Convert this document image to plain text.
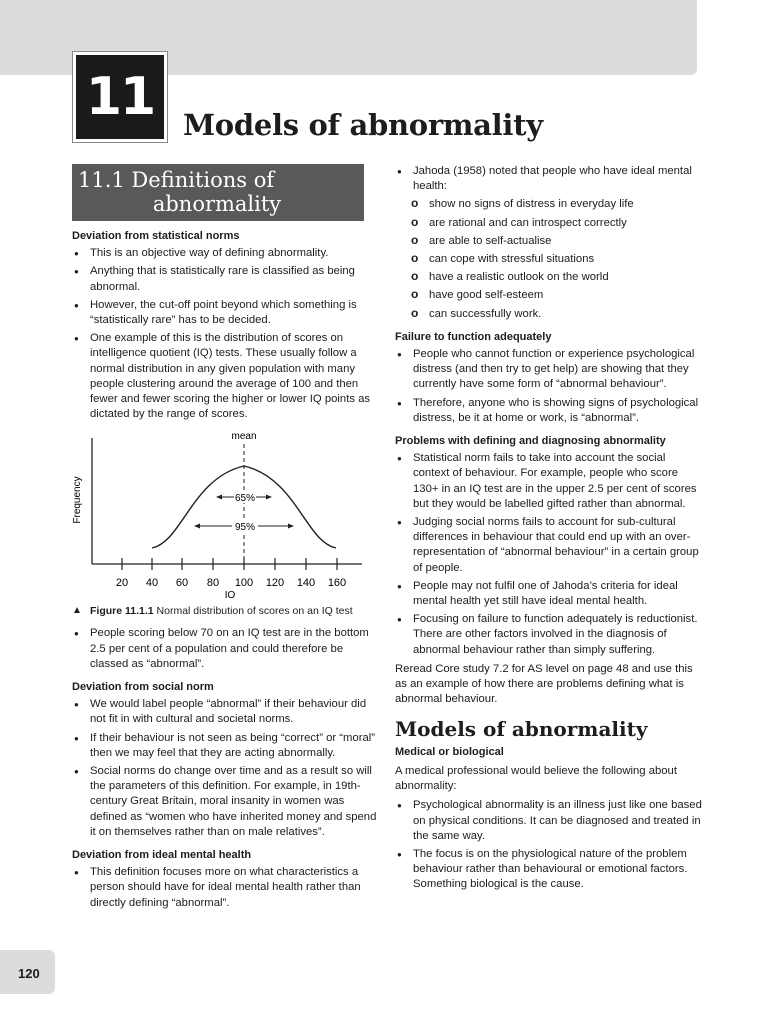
11 Models of abnormality
11.1 Definitions of
abnormality
Deviation from statistical norms
● This is an objective way of defining abnormality.
● Anything that is statistically rare is classified as being abnormal.
● However, the cut-off point beyond which something is “statistically rare” has to be decided.
● One example of this is the distribution of scores on intelligence quotient (IQ) tests. These usually follow a normal distribution in any given population with many people clustering around the average of 100 and then fewer and fewer scoring the higher or lower IQ points as dictated by the range of scores.
20 40 60 80 100 120 140 160
IQ
Frequency
mean
65%
95%
▲ Figure 11.1.1 Normal distribution of scores on an IQ test
● People scoring below 70 on an IQ test are in the bottom 2.5 per cent of a population and could therefore be classed as “abnormal”.
Deviation from social norm
● We would label people “abnormal” if their behaviour did not fit in with cultural and societal norms.
● If their behaviour is not seen as being “correct” or “moral” then we may feel that they are acting abnormally.
● Social norms do change over time and as a result so will the parameters of this definition. For example, in 19th-century Great Britain, moral insanity in women was defined as “women who have inherited money and spend it on themselves rather than on male relatives”.
Deviation from ideal mental health
● This definition focuses more on what characteristics a person should have for ideal mental health rather than directly defining “abnormal”.
● Jahoda (1958) noted that people who have ideal mental health:
o show no signs of distress in everyday life
o are rational and can introspect correctly
o are able to self-actualise
o can cope with stressful situations
o have a realistic outlook on the world
o have good self-esteem
o can successfully work.
Failure to function adequately
● People who cannot function or experience psychological distress (and then try to get help) are showing that they currently have some form of “abnormal behaviour”.
● Therefore, anyone who is showing signs of psychological distress, be it at home or work, is “abnormal”.
Problems with defining and diagnosing abnormality
● Statistical norm fails to take into account the social context of behaviour. For example, people who score 130+ in an IQ test are in the upper 2.5 per cent of scores but they would be labelled gifted rather than abnormal.
● Judging social norms fails to account for sub-cultural differences in behaviour that could end up with an over-representation of “abnormal behaviour” in a certain group of people.
● People may not fulfil one of Jahoda’s criteria for ideal mental health yet still have ideal mental health.
● Focusing on failure to function adequately is reductionist. There are other factors involved in the diagnosis of abnormal behaviour rather than simply suffering.

Reread Core study 7.2 for AS level on page 48 and use this as an example of how there are problems defining what is abnormal behaviour.

Models of abnormality
Medical or biological

A medical professional would believe the following about abnormality:

● Psychological abnormality is an illness just like one based on physical conditions. It can be diagnosed and treated in the same way.
● The focus is on the physiological nature of the problem behaviour rather than behavioural or emotional factors. Something biological is the cause.
120
